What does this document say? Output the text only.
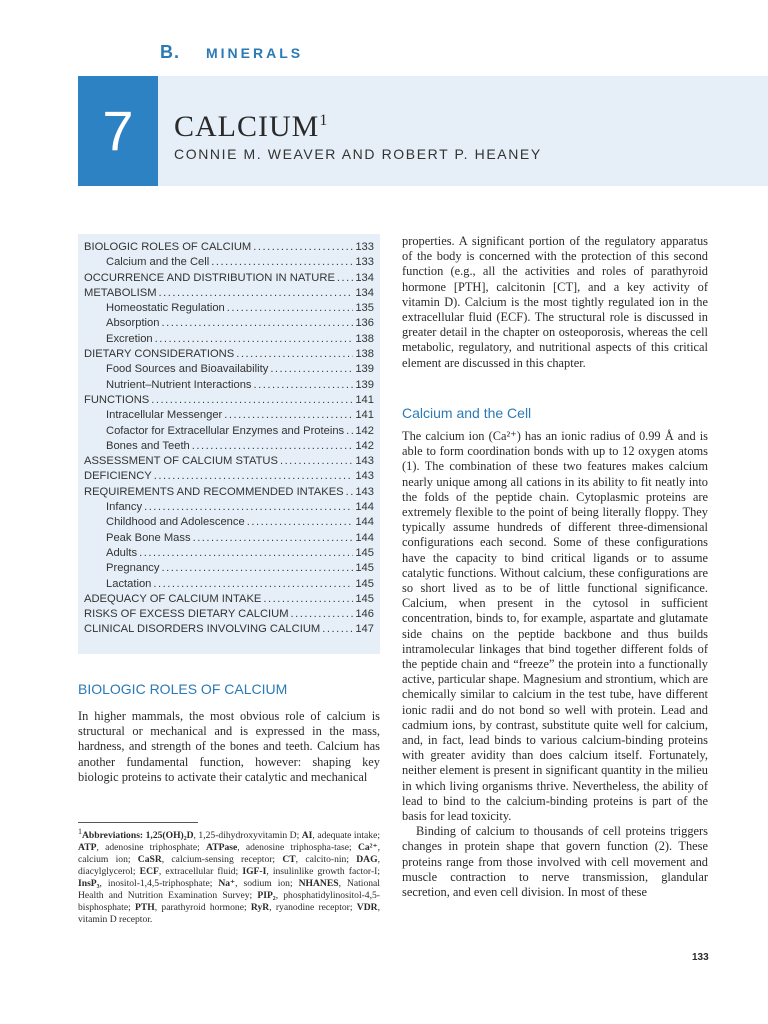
B. MINERALS
7	CALCIUM$^1$
CONNIE M. WEAVER AND ROBERT P. HEANEY
BIOLOGIC ROLES OF CALCIUM . . .	133
Calcium and the Cell . . .	133
OCCURRENCE AND DISTRIBUTION IN NATURE . . . 134
METABOLISM . . .	134
Homeostatic Regulation . . .	135
Absorption . . .	136
Excretion . . .	138
DIETARY CONSIDERATIONS . . .	138
Food Sources and Bioavailability . . .	139
Nutrient–Nutrient Interactions . . .	139
FUNCTIONS . . .	141
Intracellular Messenger . . .	141
Cofactor for Extracellular Enzymes and Proteins . . . 142
Bones and Teeth . . .	142
ASSESSMENT OF CALCIUM STATUS . . .	143
DEFICIENCY . . .	143
REQUIREMENTS AND RECOMMENDED INTAKES . . . 143
Infancy . . .	144
Childhood and Adolescence . . .	144
Peak Bone Mass . . .	144
Adults . . .	145
Pregnancy . . .	145
Lactation . . .	145
ADEQUACY OF CALCIUM INTAKE . . .	145
RISKS OF EXCESS DIETARY CALCIUM . . .	146
CLINICAL DISORDERS INVOLVING CALCIUM . . .	147
BIOLOGIC ROLES OF CALCIUM

In higher mammals, the most obvious role of calcium is structural or mechanical and is expressed in the mass, hardness, and strength of the bones and teeth. Calcium has another fundamental function, however: shaping key biologic proteins to activate their catalytic and mechanical

$^1$Abbreviations: 1,25(OH)₂D, 1,25-dihydroxyvitamin D; AI, adequate intake; ATP, adenosine triphosphate; ATPase, adenosine triphospha-tase; Ca²⁺, calcium ion; CaSR, calcium-sensing receptor; CT, calcito-nin; DAG, diacylglycerol; ECF, extracellular fluid; IGF-I, insulinlike growth factor-I; InsP₃, inositol-1,4,5-triphosphate; Na⁺, sodium ion; NHANES, National Health and Nutrition Examination Survey; PIP₂, phosphatidylinositol-4,5-bisphosphate; PTH, parathyroid hormone; RyR, ryanodine receptor; VDR, vitamin D receptor.

properties. A significant portion of the regulatory apparatus of the body is concerned with the protection of this second function (e.g., all the activities and roles of parathyroid hormone [PTH], calcitonin [CT], and a key activity of vitamin D). Calcium is the most tightly regulated ion in the extracellular fluid (ECF). The structural role is discussed in greater detail in the chapter on osteoporosis, whereas the cell metabolic, regulatory, and nutritional aspects of this critical element are discussed in this chapter.

Calcium and the Cell

The calcium ion (Ca²⁺) has an ionic radius of 0.99 Å and is able to form coordination bonds with up to 12 oxygen atoms (1). The combination of these two features makes calcium nearly unique among all cations in its ability to fit neatly into the folds of the peptide chain. Cytoplasmic proteins are extremely flexible to the point of being literally floppy. They typically assume hundreds of different three-dimensional configurations each second. Some of these configurations have the capacity to bind critical ligands or to assume catalytic functions. Without calcium, these configurations are so short lived as to be of little functional significance. Calcium, when present in the cytosol in sufficient concentration, binds to, for example, aspartate and glutamate side chains on the peptide backbone and thus builds intramolecular linkages that bind together different folds of the peptide chain and “freeze” the protein into a functionally active, particular shape. Magnesium and strontium, which are chemically similar to calcium in the test tube, have different ionic radii and do not bond so well with protein. Lead and cadmium ions, by contrast, substitute quite well for calcium, and, in fact, lead binds to various calcium-binding proteins with greater avidity than does calcium itself. Fortunately, neither element is present in significant quantity in the milieu in which living organisms thrive. Nevertheless, the ability of lead to bind to the calcium-binding proteins is part of the basis for lead toxicity.

Binding of calcium to thousands of cell proteins triggers changes in protein shape that govern function (2). These proteins range from those involved with cell movement and muscle contraction to nerve transmission, glandular secretion, and even cell division. In most of these

133
